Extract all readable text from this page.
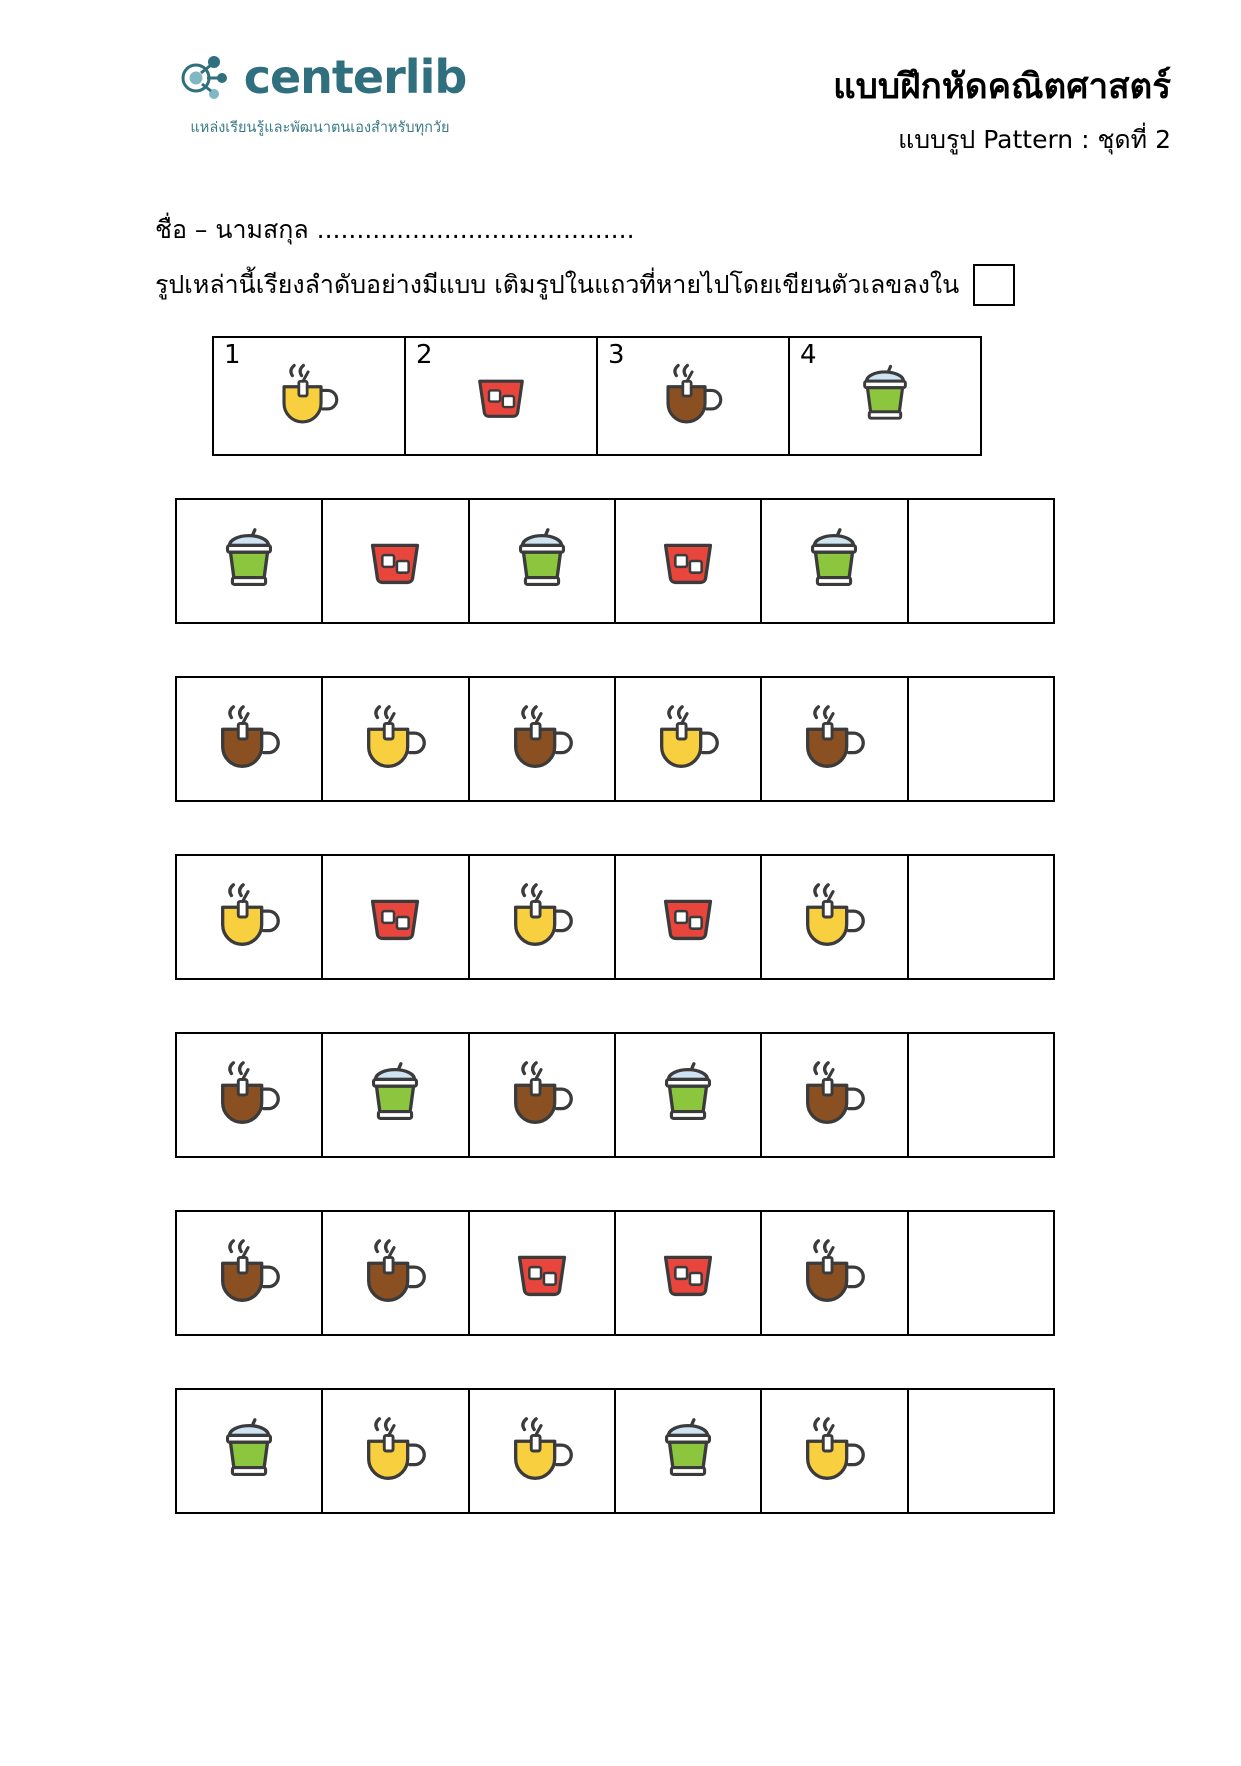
centerlib
แหล่งเรียนรู้และพัฒนาตนเองสำหรับทุกวัย
แบบฝึกหัดคณิตศาสตร์
แบบรูป Pattern : ชุดที่ 2
ชื่อ – นามสกุล ........................................
รูปเหล่านี้เรียงลำดับอย่างมีแบบ เติมรูปในแถวที่หายไปโดยเขียนตัวเลขลงใน
1	2	3	4
